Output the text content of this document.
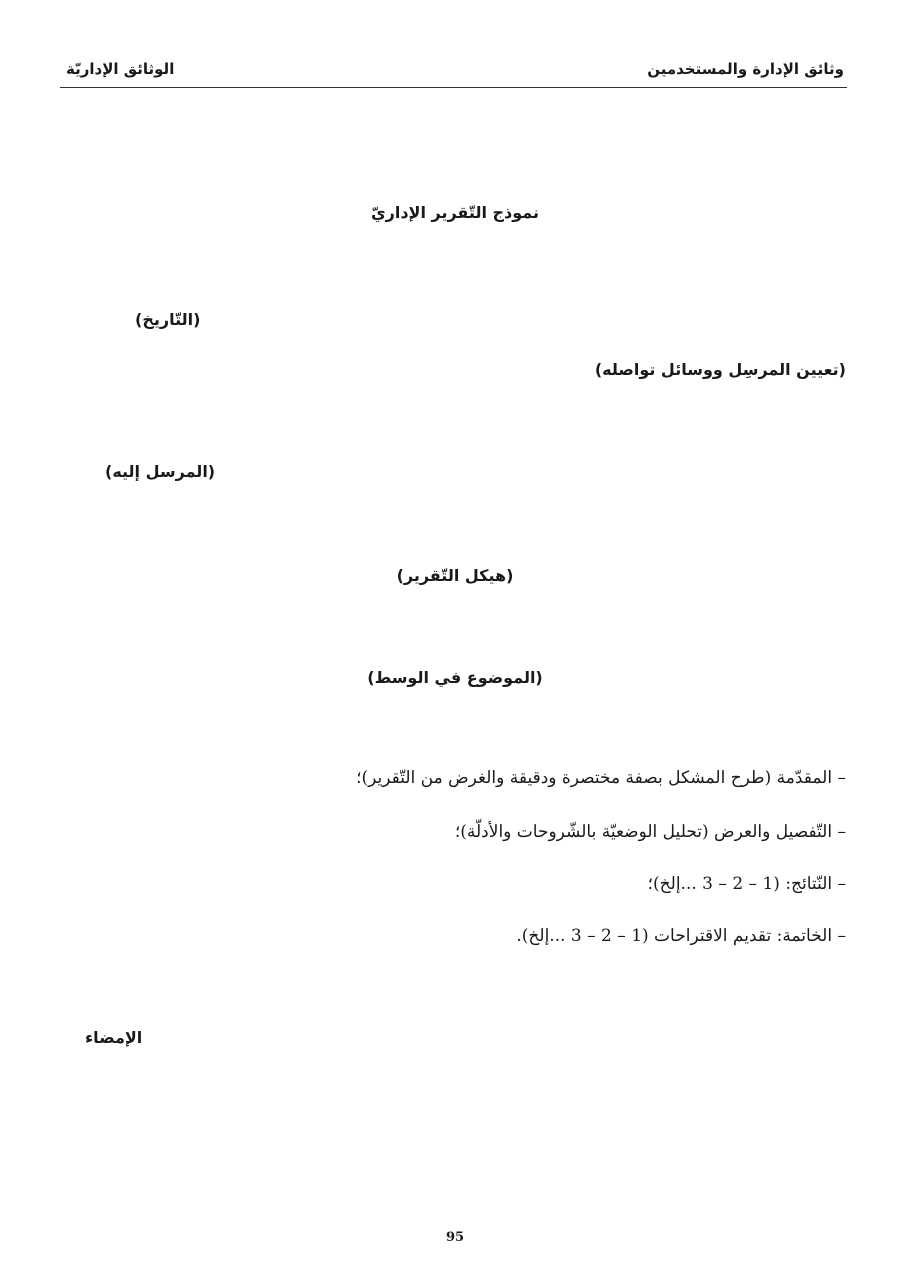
وثائق الإدارة والمستخدمين
الوثائق الإداريّة
نموذج التّقرير الإداريّ
(التّاريخ)
(تعيين المرسِل ووسائل تواصله)
(المرسل إليه)
(هيكل التّقرير)
(الموضوع في الوسط)
– المقدّمة (طرح المشكل بصفة مختصرة ودقيقة والغرض من التّقرير)؛
– التّفصيل والعرض (تحليل الوضعيّة بالشّروحات والأدلّة)؛
– النّتائج: (1 – 2 – 3 ...إلخ)؛
– الخاتمة: تقديم الاقتراحات (1 – 2 – 3 ...إلخ).
الإمضاء
95
